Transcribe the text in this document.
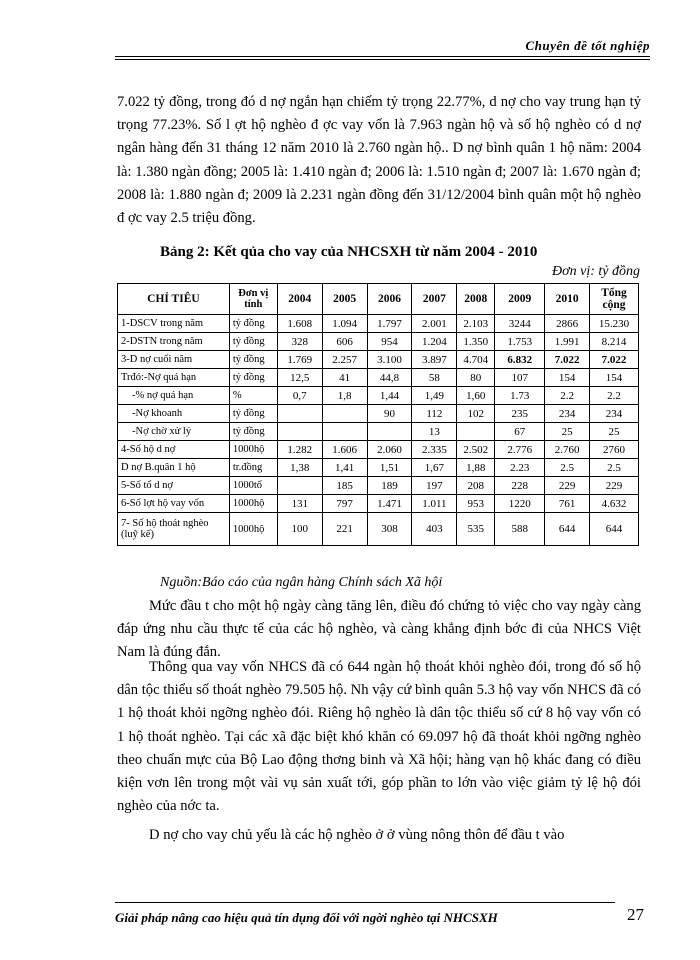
Chuyên đề tốt nghiệp

7.022 tỷ đồng, trong đó d nợ ngắn hạn chiếm tỷ trọng 22.77%, d nợ cho vay trung hạn tỷ trọng 77.23%. Số l ợt hộ nghèo đ ợc vay vốn là 7.963 ngàn hộ và số hộ nghèo có d nợ ngân hàng đến 31 tháng 12 năm 2010 là 2.760 ngàn hộ.. D nợ bình quân 1 hộ năm: 2004 là: 1.380 ngàn đồng; 2005 là: 1.410 ngàn đ; 2006 là: 1.510 ngàn đ; 2007 là: 1.670 ngàn đ; 2008 là: 1.880 ngàn đ; 2009 là 2.231 ngàn đồng đến 31/12/2004 bình quân một hộ nghèo đ ợc vay 2.5 triệu đồng.

Bảng 2: Kết qủa cho vay của NHCSXH từ năm 2004 - 2010
Đơn vị: tỷ đồng
CHỈ TIÊU	Đơn vị tính	2004	2005	2006	2007	2008	2009	2010	Tổng cộng
1-DSCV trong năm	tỷ đồng	1.608	1.094	1.797	2.001	2.103	3244	2866	15.230
2-DSTN trong năm	tỷ đồng	328	606	954	1.204	1.350	1.753	1.991	8.214
3-D nợ cuối năm	tỷ đồng	1.769	2.257	3.100	3.897	4.704	6.832	7.022	7.022
Trđó:-Nợ quá hạn	tỷ đồng	12,5	41	44,8	58	80	107	154	154
-% nợ quá hạn	%	0,7	1,8	1,44	1,49	1,60	1.73	2.2	2.2
-Nợ khoanh	tỷ đồng			90	112	102	235	234	234
-Nợ chờ xử lý	tỷ đồng				13		67	25	25
4-Số hộ d nợ	1000hộ	1.282	1.606	2.060	2.335	2.502	2.776	2.760	2760
D nợ B.quân 1 hộ	tr.đồng	1,38	1,41	1,51	1,67	1,88	2.23	2.5	2.5
5-Số tổ d nợ	1000tổ		185	189	197	208	228	229	229
6-Số lợt hộ vay vốn	1000hộ	131	797	1.471	1.011	953	1220	761	4.632
7- Số hộ thoát nghèo (luỹ kế)	1000hộ	100	221	308	403	535	588	644	644
Nguồn:Báo cáo của ngân hàng Chính sách Xã hội

Mức đầu t cho một hộ ngày càng tăng lên, điều đó chứng tỏ việc cho vay ngày càng đáp ứng nhu cầu thực tế của các hộ nghèo, và càng khẳng định bớc đi của NHCS Việt Nam là đúng đắn.

Thông qua vay vốn NHCS đã có 644 ngàn hộ thoát khỏi nghèo đói, trong đó số hộ dân tộc thiểu số thoát nghèo 79.505 hộ. Nh vậy cứ bình quân 5.3 hộ vay vốn NHCS đã có 1 hộ thoát khỏi ngỡng nghèo đói. Riêng hộ nghèo là dân tộc thiểu số cứ 8 hộ vay vốn có 1 hộ thoát nghèo. Tại các xã đặc biệt khó khăn có 69.097 hộ đã thoát khỏi ngỡng nghèo theo chuẩn mực của Bộ Lao động thơng binh và Xã hội; hàng vạn hộ khác đang có điều kiện vơn lên trong một vài vụ sản xuất tới, góp phần to lớn vào việc giảm tỷ lệ hộ đói nghèo của nớc ta.

D nợ cho vay chủ yếu là các hộ nghèo ở ở vùng nông thôn để đầu t vào

Giải pháp nâng cao hiệu quả tín dụng đối với ngời nghèo tại NHCSXH	27
